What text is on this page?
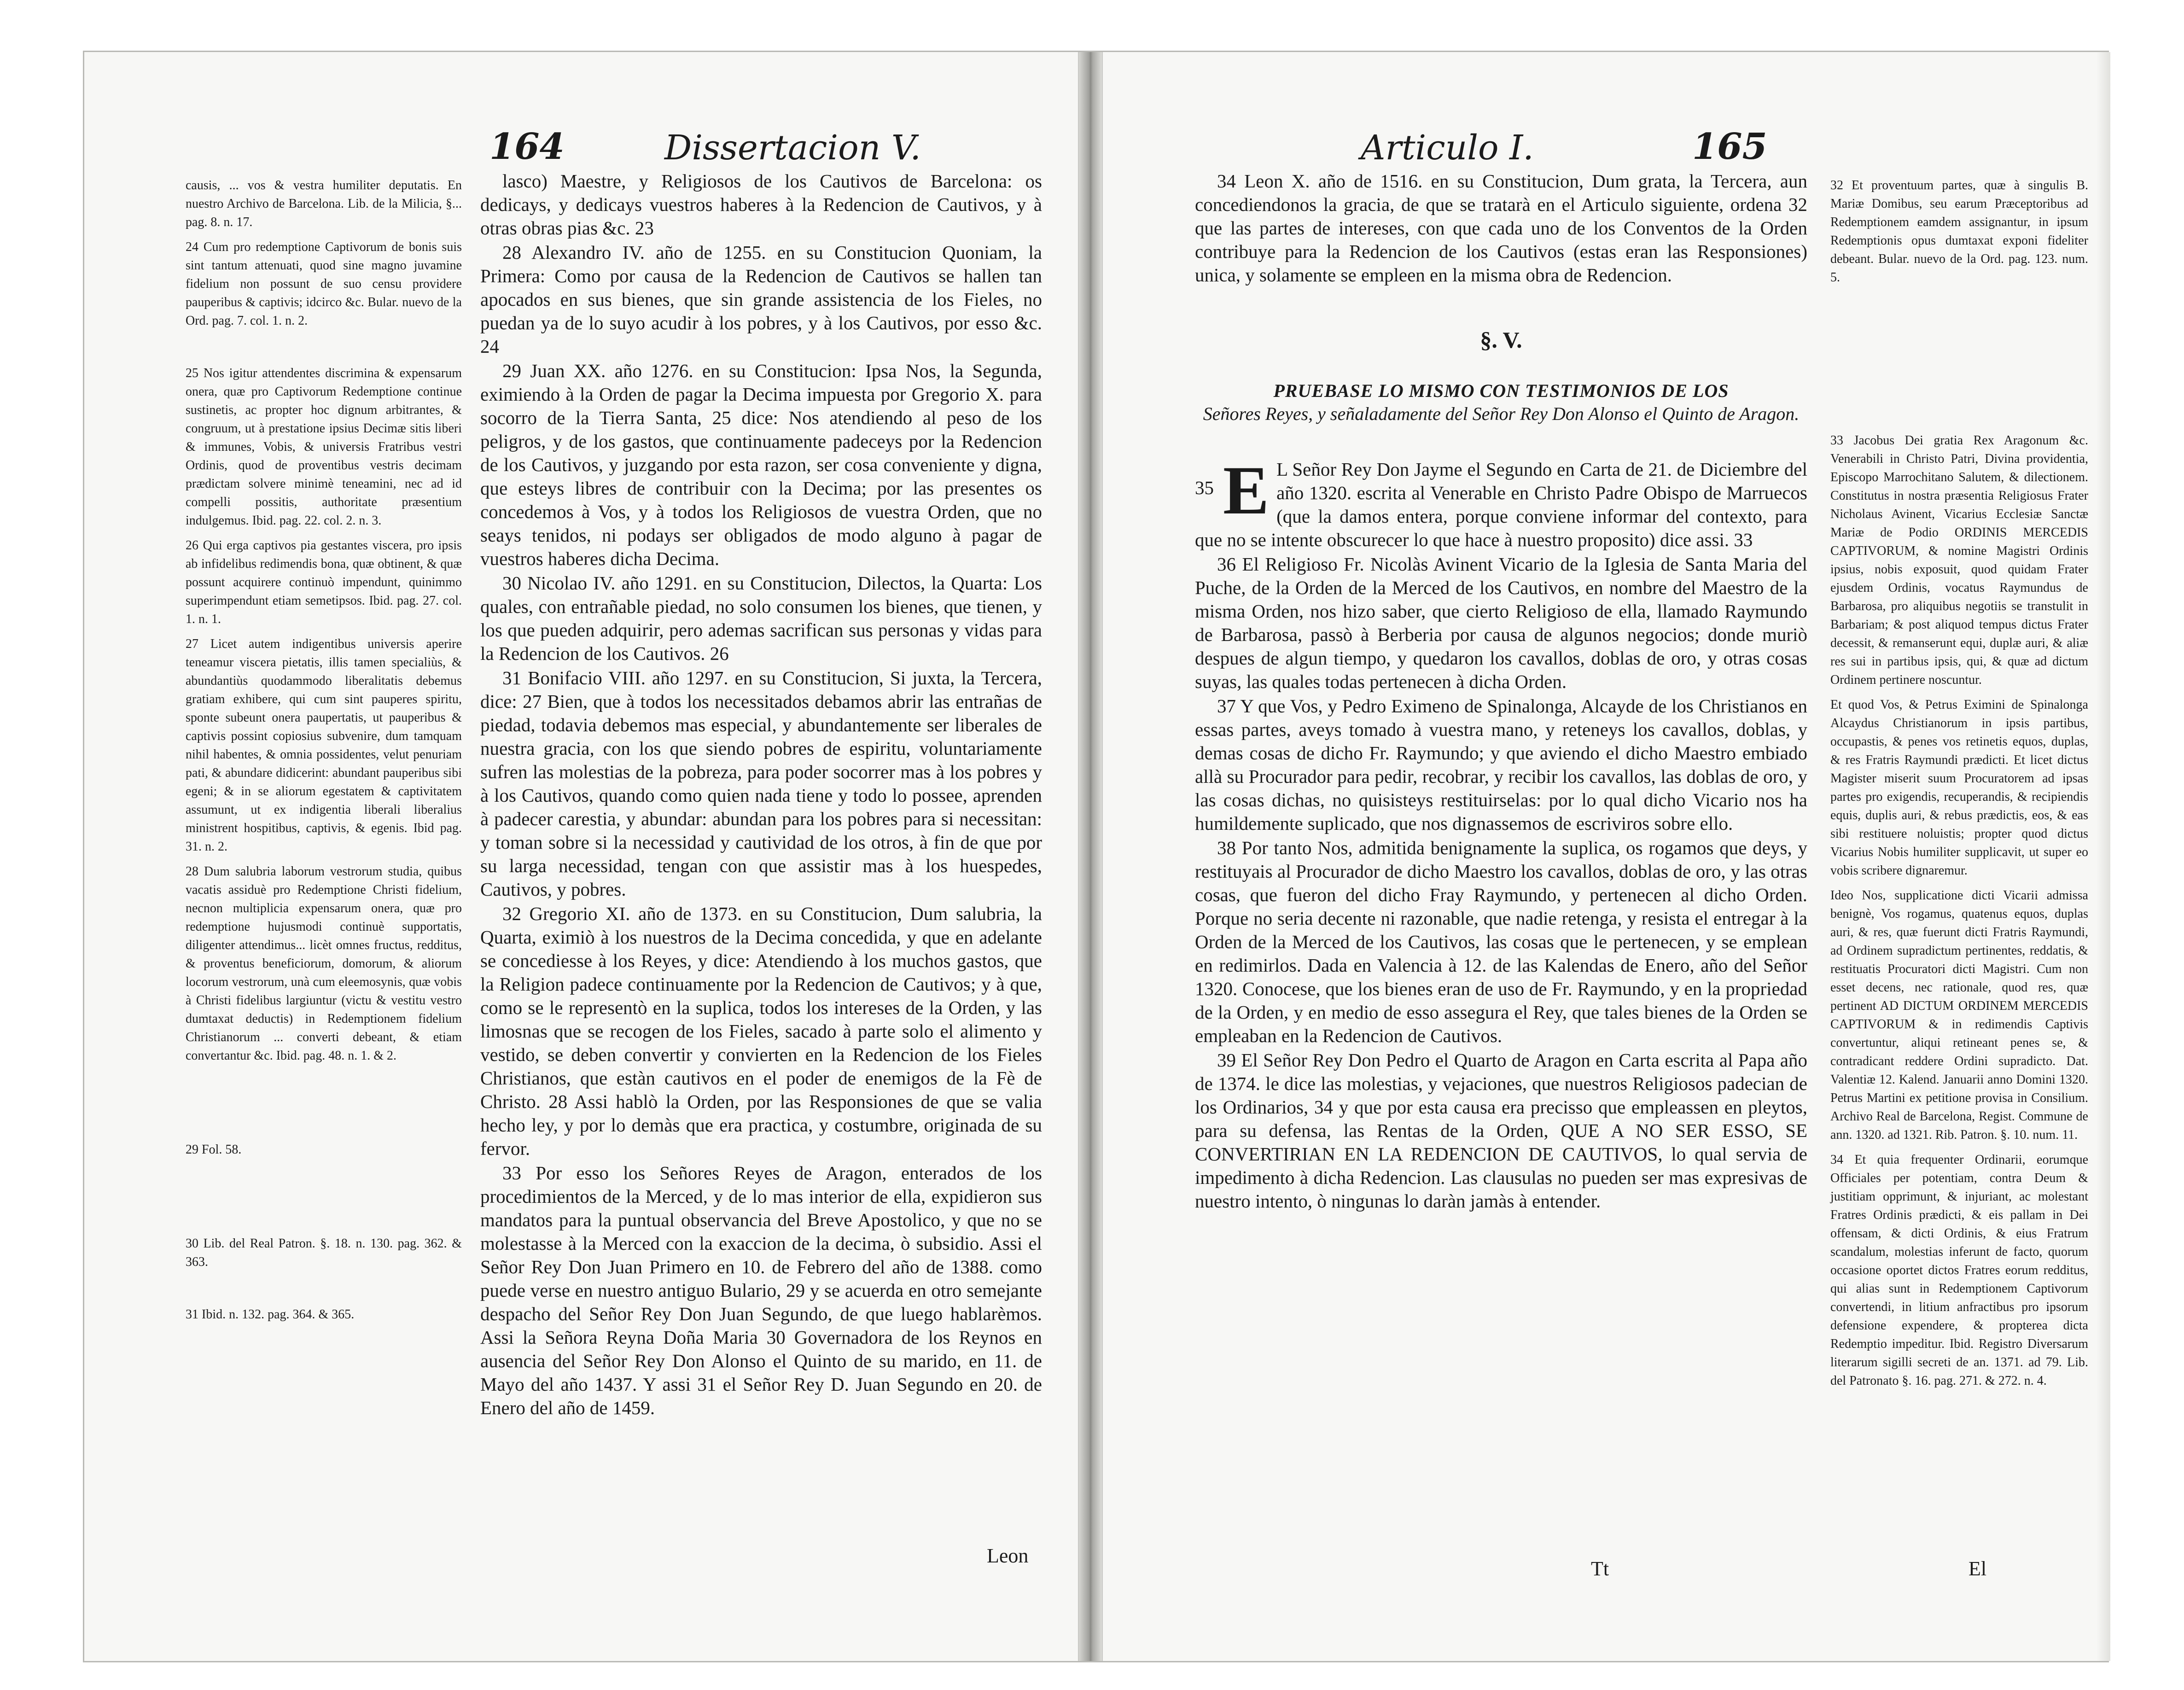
164	Dissertacion V.

causis, ... vos & vestra humiliter deputatis. En nuestro Archivo de Barcelona. Lib. de la Milicia, §... pag. 8. n. 17.

24 Cum pro redemptione Captivorum de bonis suis sint tantum attenuati, quod sine magno juvamine fidelium non possunt de suo censu providere pauperibus & captivis; idcirco &c. Bular. nuevo de la Ord. pag. 7. col. 1. n. 2.

25 Nos igitur attendentes discrimina & expensarum onera, quæ pro Captivorum Redemptione continue sustinetis, ac propter hoc dignum arbitrantes, & congruum, ut à prestatione ipsius Decimæ sitis liberi & immunes, Vobis, & universis Fratribus vestri Ordinis, quod de proventibus vestris decimam prædictam solvere minimè teneamini, nec ad id compelli possitis, authoritate præsentium indulgemus. Ibid. pag. 22. col. 2. n. 3.

26 Qui erga captivos pia gestantes viscera, pro ipsis ab infidelibus redimendis bona, quæ obtinent, & quæ possunt acquirere continuò impendunt, quinimmo superimpendunt etiam semetipsos. Ibid. pag. 27. col. 1. n. 1.

27 Licet autem indigentibus universis aperire teneamur viscera pietatis, illis tamen specialiùs, & abundantiùs quodammodo liberalitatis debemus gratiam exhibere, qui cum sint pauperes spiritu, sponte subeunt onera paupertatis, ut pauperibus & captivis possint copiosius subvenire, dum tamquam nihil habentes, & omnia possidentes, velut penuriam pati, & abundare didicerint: abundant pauperibus sibi egeni; & in se aliorum egestatem & captivitatem assumunt, ut ex indigentia liberali liberalius ministrent hospitibus, captivis, & egenis. Ibid pag. 31. n. 2.

28 Dum salubria laborum vestrorum studia, quibus vacatis assiduè pro Redemptione Christi fidelium, necnon multiplicia expensarum onera, quæ pro redemptione hujusmodi continuè supportatis, diligenter attendimus... licèt omnes fructus, redditus, & proventus beneficiorum, domorum, & aliorum locorum vestrorum, unà cum eleemosynis, quæ vobis à Christi fidelibus largiuntur (victu & vestitu vestro dumtaxat deductis) in Redemptionem fidelium Christianorum ... converti debeant, & etiam convertantur &c. Ibid. pag. 48. n. 1. & 2.

29 Fol. 58.

30 Lib. del Real Patron. §. 18. n. 130. pag. 362. & 363.

31 Ibid. n. 132. pag. 364. & 365.

lasco) Maestre, y Religiosos de los Cautivos de Barcelona: os dedicays, y dedicays vuestros haberes à la Redencion de Cautivos, y à otras obras pias &c. 23

28 Alexandro IV. año de 1255. en su Constitucion Quoniam, la Primera: Como por causa de la Redencion de Cautivos se hallen tan apocados en sus bienes, que sin grande assistencia de los Fieles, no puedan ya de lo suyo acudir à los pobres, y à los Cautivos, por esso &c. 24

29 Juan XX. año 1276. en su Constitucion: Ipsa Nos, la Segunda, eximiendo à la Orden de pagar la Decima impuesta por Gregorio X. para socorro de la Tierra Santa, 25 dice: Nos atendiendo al peso de los peligros, y de los gastos, que continuamente padeceys por la Redencion de los Cautivos, y juzgando por esta razon, ser cosa conveniente y digna, que esteys libres de contribuir con la Decima; por las presentes os concedemos à Vos, y à todos los Religiosos de vuestra Orden, que no seays tenidos, ni podays ser obligados de modo alguno à pagar de vuestros haberes dicha Decima.

30 Nicolao IV. año 1291. en su Constitucion, Dilectos, la Quarta: Los quales, con entrañable piedad, no solo consumen los bienes, que tienen, y los que pueden adquirir, pero ademas sacrifican sus personas y vidas para la Redencion de los Cautivos. 26

31 Bonifacio VIII. año 1297. en su Constitucion, Si juxta, la Tercera, dice: 27 Bien, que à todos los necessitados debamos abrir las entrañas de piedad, todavia debemos mas especial, y abundantemente ser liberales de nuestra gracia, con los que siendo pobres de espiritu, voluntariamente sufren las molestias de la pobreza, para poder socorrer mas à los pobres y à los Cautivos, quando como quien nada tiene y todo lo possee, aprenden à padecer carestia, y abundar: abundan para los pobres para si necessitan: y toman sobre si la necessidad y cautividad de los otros, à fin de que por su larga necessidad, tengan con que assistir mas à los huespedes, Cautivos, y pobres.

32 Gregorio XI. año de 1373. en su Constitucion, Dum salubria, la Quarta, eximiò à los nuestros de la Decima concedida, y que en adelante se concediesse à los Reyes, y dice: Atendiendo à los muchos gastos, que la Religion padece continuamente por la Redencion de Cautivos; y à que, como se le representò en la suplica, todos los intereses de la Orden, y las limosnas que se recogen de los Fieles, sacado à parte solo el alimento y vestido, se deben convertir y convierten en la Redencion de los Fieles Christianos, que estàn cautivos en el poder de enemigos de la Fè de Christo. 28 Assi hablò la Orden, por las Responsiones de que se valia hecho ley, y por lo demàs que era practica, y costumbre, originada de su fervor.

33 Por esso los Señores Reyes de Aragon, enterados de los procedimientos de la Merced, y de lo mas interior de ella, expidieron sus mandatos para la puntual observancia del Breve Apostolico, y que no se molestasse à la Merced con la exaccion de la decima, ò subsidio. Assi el Señor Rey Don Juan Primero en 10. de Febrero del año de 1388. como puede verse en nuestro antiguo Bulario, 29 y se acuerda en otro semejante despacho del Señor Rey Don Juan Segundo, de que luego hablarèmos. Assi la Señora Reyna Doña Maria 30 Governadora de los Reynos en ausencia del Señor Rey Don Alonso el Quinto de su marido, en 11. de Mayo del año 1437. Y assi 31 el Señor Rey D. Juan Segundo en 20. de Enero del año de 1459.

Leon
Articulo I.	165

34 Leon X. año de 1516. en su Constitucion, Dum grata, la Tercera, aun concediendonos la gracia, de que se tratarà en el Articulo siguiente, ordena 32 que las partes de intereses, con que cada uno de los Conventos de la Orden contribuye para la Redencion de los Cautivos (estas eran las Responsiones) unica, y solamente se empleen en la misma obra de Redencion.

§. V.
PRUEBASE LO MISMO CON TESTIMONIOS DE LOS
Señores Reyes, y señaladamente del Señor Rey Don Alonso el Quinto de Aragon.

35 E L Señor Rey Don Jayme el Segundo en Carta de 21. de Diciembre del año 1320. escrita al Venerable en Christo Padre Obispo de Marruecos (que la damos entera, porque conviene informar del contexto, para que no se intente obscurecer lo que hace à nuestro proposito) dice assi. 33

36 El Religioso Fr. Nicolàs Avinent Vicario de la Iglesia de Santa Maria del Puche, de la Orden de la Merced de los Cautivos, en nombre del Maestro de la misma Orden, nos hizo saber, que cierto Religioso de ella, llamado Raymundo de Barbarosa, passò à Berberia por causa de algunos negocios; donde muriò despues de algun tiempo, y quedaron los cavallos, doblas de oro, y otras cosas suyas, las quales todas pertenecen à dicha Orden.

37 Y que Vos, y Pedro Eximeno de Spinalonga, Alcayde de los Christianos en essas partes, aveys tomado à vuestra mano, y reteneys los cavallos, doblas, y demas cosas de dicho Fr. Raymundo; y que aviendo el dicho Maestro embiado allà su Procurador para pedir, recobrar, y recibir los cavallos, las doblas de oro, y las cosas dichas, no quisisteys restituirselas: por lo qual dicho Vicario nos ha humildemente suplicado, que nos dignassemos de escriviros sobre ello.

38 Por tanto Nos, admitida benignamente la suplica, os rogamos que deys, y restituyais al Procurador de dicho Maestro los cavallos, doblas de oro, y las otras cosas, que fueron del dicho Fray Raymundo, y pertenecen al dicho Orden. Porque no seria decente ni razonable, que nadie retenga, y resista el entregar à la Orden de la Merced de los Cautivos, las cosas que le pertenecen, y se emplean en redimirlos. Dada en Valencia à 12. de las Kalendas de Enero, año del Señor 1320. Conocese, que los bienes eran de uso de Fr. Raymundo, y en la propriedad de la Orden, y en medio de esso assegura el Rey, que tales bienes de la Orden se empleaban en la Redencion de Cautivos.

39 El Señor Rey Don Pedro el Quarto de Aragon en Carta escrita al Papa año de 1374. le dice las molestias, y vejaciones, que nuestros Religiosos padecian de los Ordinarios, 34 y que por esta causa era precisso que empleassen en pleytos, para su defensa, las Rentas de la Orden, QUE A NO SER ESSO, SE CONVERTIRIAN EN LA REDENCION DE CAUTIVOS, lo qual servia de impedimento à dicha Redencion. Las clausulas no pueden ser mas expresivas de nuestro intento, ò ningunas lo daràn jamàs à entender.

32 Et proventuum partes, quæ à singulis B. Mariæ Domibus, seu earum Præceptoribus ad Redemptionem eamdem assignantur, in ipsum Redemptionis opus dumtaxat exponi fideliter debeant. Bular. nuevo de la Ord. pag. 123. num. 5.

33 Jacobus Dei gratia Rex Aragonum &c. Venerabili in Christo Patri, Divina providentia, Episcopo Marrochitano Salutem, & dilectionem. Constitutus in nostra præsentia Religiosus Frater Nicholaus Avinent, Vicarius Ecclesiæ Sanctæ Mariæ de Podio ORDINIS MERCEDIS CAPTIVORUM, & nomine Magistri Ordinis ipsius, nobis exposuit, quod quidam Frater ejusdem Ordinis, vocatus Raymundus de Barbarosa, pro aliquibus negotiis se transtulit in Barbariam; & post aliquod tempus dictus Frater decessit, & remanserunt equi, duplæ auri, & aliæ res sui in partibus ipsis, qui, & quæ ad dictum Ordinem pertinere noscuntur.

Et quod Vos, & Petrus Eximini de Spinalonga Alcaydus Christianorum in ipsis partibus, occupastis, & penes vos retinetis equos, duplas, & res Fratris Raymundi prædicti. Et licet dictus Magister miserit suum Procuratorem ad ipsas partes pro exigendis, recuperandis, & recipiendis equis, duplis auri, & rebus prædictis, eos, & eas sibi restituere noluistis; propter quod dictus Vicarius Nobis humiliter supplicavit, ut super eo vobis scribere dignaremur.

Ideo Nos, supplicatione dicti Vicarii admissa benignè, Vos rogamus, quatenus equos, duplas auri, & res, quæ fuerunt dicti Fratris Raymundi, ad Ordinem supradictum pertinentes, reddatis, & restituatis Procuratori dicti Magistri. Cum non esset decens, nec rationale, quod res, quæ pertinent AD DICTUM ORDINEM MERCEDIS CAPTIVORUM & in redimendis Captivis convertuntur, aliqui retineant penes se, & contradicant reddere Ordini supradicto. Dat. Valentiæ 12. Kalend. Januarii anno Domini 1320. Petrus Martini ex petitione provisa in Consilium. Archivo Real de Barcelona, Regist. Commune de ann. 1320. ad 1321. Rib. Patron. §. 10. num. 11.

34 Et quia frequenter Ordinarii, eorumque Officiales per potentiam, contra Deum & justitiam opprimunt, & injuriant, ac molestant Fratres Ordinis prædicti, & eis pallam in Dei offensam, & dicti Ordinis, & eius Fratrum scandalum, molestias inferunt de facto, quorum occasione oportet dictos Fratres eorum redditus, qui alias sunt in Redemptionem Captivorum convertendi, in litium anfractibus pro ipsorum defensione expendere, & propterea dicta Redemptio impeditur. Ibid. Registro Diversarum literarum sigilli secreti de an. 1371. ad 79. Lib. del Patronato §. 16. pag. 271. & 272. n. 4.

Tt	El
